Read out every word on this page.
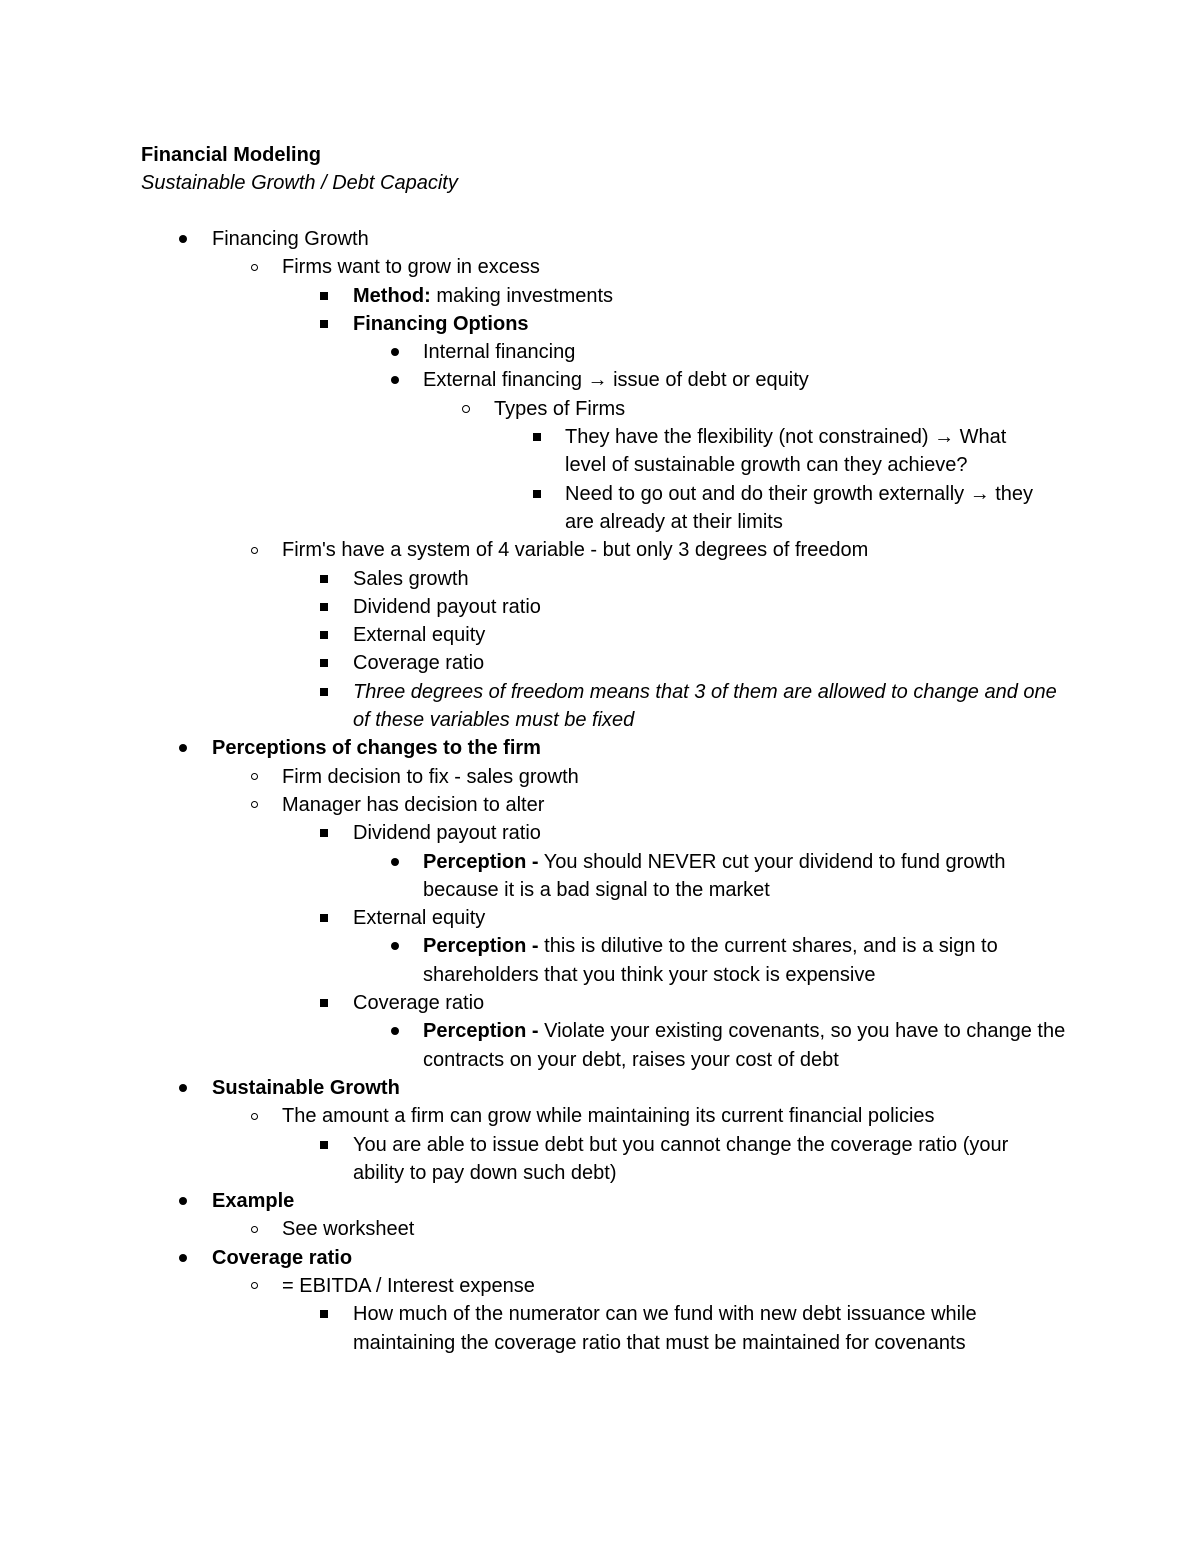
Financial Modeling
Sustainable Growth / Debt Capacity
Financing Growth
Firms want to grow in excess
Method: making investments
Financing Options
Internal financing
External financing → issue of debt or equity
Types of Firms
They have the flexibility (not constrained) → What level of sustainable growth can they achieve?
Need to go out and do their growth externally → they are already at their limits
Firm's have a system of 4 variable - but only 3 degrees of freedom
Sales growth
Dividend payout ratio
External equity
Coverage ratio
Three degrees of freedom means that 3 of them are allowed to change and one of these variables must be fixed
Perceptions of changes to the firm
Firm decision to fix - sales growth
Manager has decision to alter
Dividend payout ratio
Perception - You should NEVER cut your dividend to fund growth because it is a bad signal to the market
External equity
Perception - this is dilutive to the current shares, and is a sign to shareholders that you think your stock is expensive
Coverage ratio
Perception - Violate your existing covenants, so you have to change the contracts on your debt, raises your cost of debt
Sustainable Growth
The amount a firm can grow while maintaining its current financial policies
You are able to issue debt but you cannot change the coverage ratio (your ability to pay down such debt)
Example
See worksheet
Coverage ratio
= EBITDA / Interest expense
How much of the numerator can we fund with new debt issuance while maintaining the coverage ratio that must be maintained for covenants
